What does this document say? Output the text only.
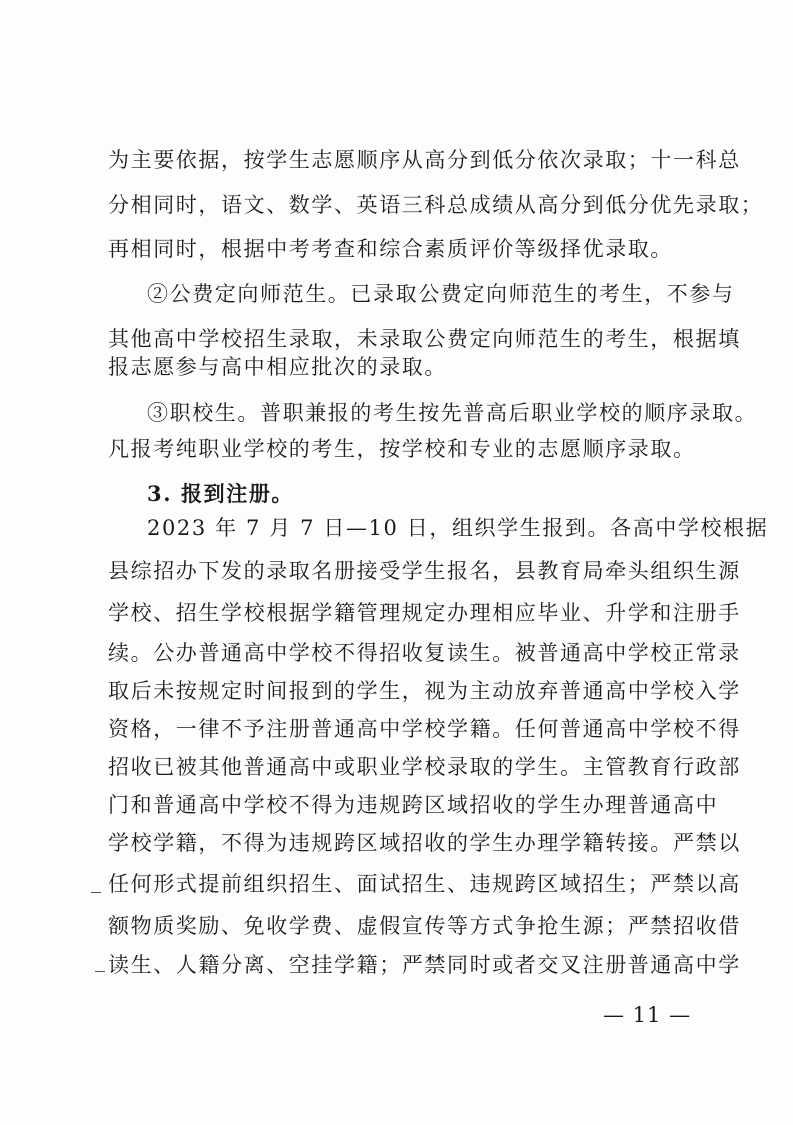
为主要依据，按学生志愿顺序从高分到低分依次录取；十一科总
分相同时，语文、数学、英语三科总成绩从高分到低分优先录取；
再相同时，根据中考考查和综合素质评价等级择优录取。
②公费定向师范生。已录取公费定向师范生的考生，不参与
其他高中学校招生录取，未录取公费定向师范生的考生，根据填
报志愿参与高中相应批次的录取。
③职校生。普职兼报的考生按先普高后职业学校的顺序录取。
凡报考纯职业学校的考生，按学校和专业的志愿顺序录取。
3. 报到注册。
2023 年 7 月 7 日—10 日，组织学生报到。各高中学校根据
县综招办下发的录取名册接受学生报名，县教育局牵头组织生源
学校、招生学校根据学籍管理规定办理相应毕业、升学和注册手
续。公办普通高中学校不得招收复读生。被普通高中学校正常录
取后未按规定时间报到的学生，视为主动放弃普通高中学校入学
资格，一律不予注册普通高中学校学籍。任何普通高中学校不得
招收已被其他普通高中或职业学校录取的学生。主管教育行政部
门和普通高中学校不得为违规跨区域招收的学生办理普通高中
学校学籍，不得为违规跨区域招收的学生办理学籍转接。严禁以
任何形式提前组织招生、面试招生、违规跨区域招生；严禁以高
额物质奖励、免收学费、虚假宣传等方式争抢生源；严禁招收借
读生、人籍分离、空挂学籍；严禁同时或者交叉注册普通高中学
— 11 —
